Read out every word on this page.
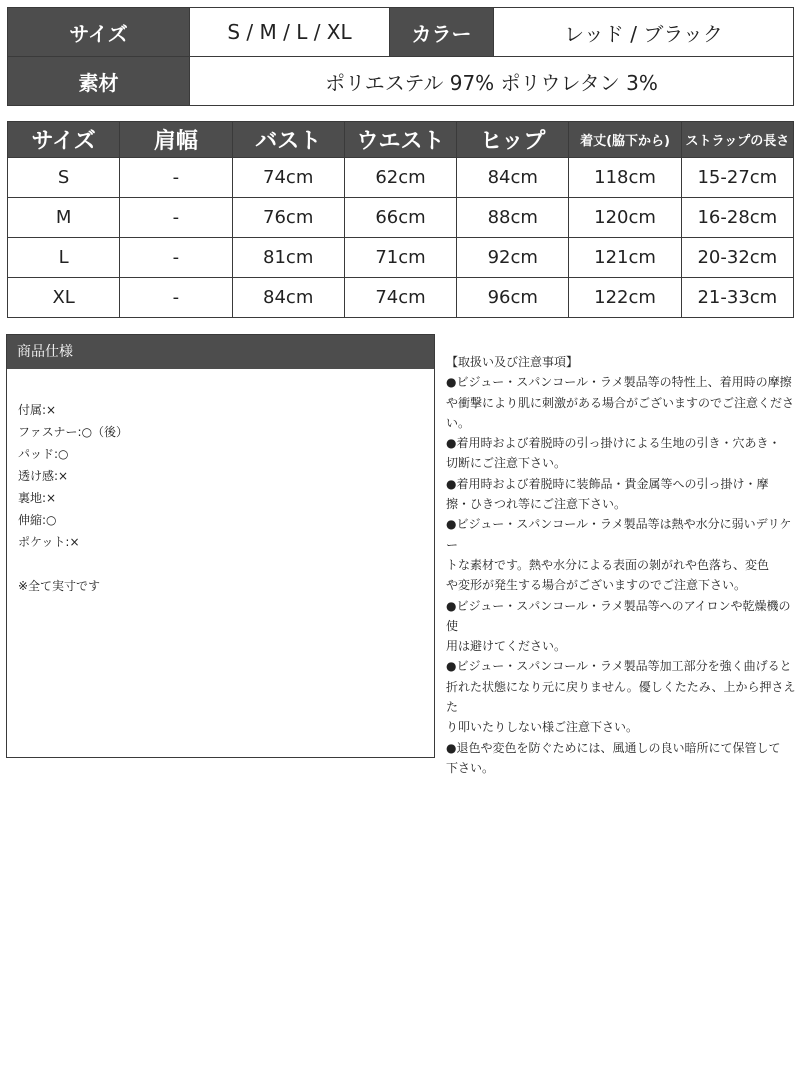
サイズ	S / M / L / XL	カラー	レッド / ブラック
素材	ポリエステル 97% ポリウレタン 3%		
サイズ	肩幅	バスト	ウエスト	ヒップ	着丈(脇下から)	ストラップの長さ
S	-	74cm	62cm	84cm	118cm	15-27cm
M	-	76cm	66cm	88cm	120cm	16-28cm
L	-	81cm	71cm	92cm	121cm	20-32cm
XL	-	84cm	74cm	96cm	122cm	21-33cm
商品仕様
付属:×
ファスナー:○（後）
パッド:○
透け感:×
裏地:×
伸縮:○
ポケット:×
※全て実寸です
【取扱い及び注意事項】
●ビジュー・スパンコール・ラメ製品等の特性上、着用時の摩擦
や衝撃により肌に刺激がある場合がございますのでご注意くださ
い。
●着用時および着脱時の引っ掛けによる生地の引き・穴あき・
切断にご注意下さい。
●着用時および着脱時に装飾品・貴金属等への引っ掛け・摩
擦・ひきつれ等にご注意下さい。
●ビジュー・スパンコール・ラメ製品等は熱や水分に弱いデリケー
トな素材です。熱や水分による表面の剝がれや色落ち、変色
や変形が発生する場合がございますのでご注意下さい。
●ビジュー・スパンコール・ラメ製品等へのアイロンや乾燥機の使
用は避けてください。
●ビジュー・スパンコール・ラメ製品等加工部分を強く曲げると
折れた状態になり元に戻りません。優しくたたみ、上から押さえた
り叩いたりしない様ご注意下さい。
●退色や変色を防ぐためには、風通しの良い暗所にて保管して
下さい。
